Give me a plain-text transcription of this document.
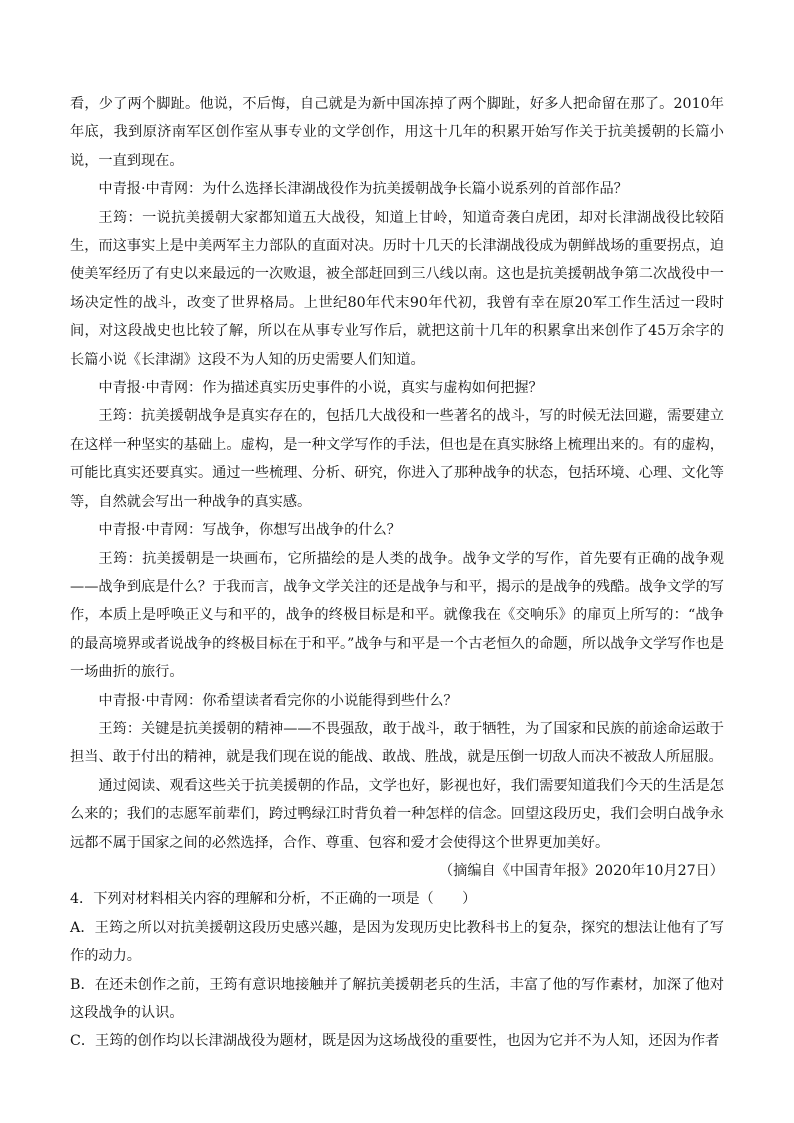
看，少了两个脚趾。他说，不后悔，自己就是为新中国冻掉了两个脚趾，好多人把命留在那了。2010年年底，我到原济南军区创作室从事专业的文学创作，用这十几年的积累开始写作关于抗美援朝的长篇小说，一直到现在。

中青报·中青网：为什么选择长津湖战役作为抗美援朝战争长篇小说系列的首部作品？

王筠：一说抗美援朝大家都知道五大战役，知道上甘岭，知道奇袭白虎团，却对长津湖战役比较陌生，而这事实上是中美两军主力部队的直面对决。历时十几天的长津湖战役成为朝鲜战场的重要拐点，迫使美军经历了有史以来最远的一次败退，被全部赶回到三八线以南。这也是抗美援朝战争第二次战役中一场决定性的战斗，改变了世界格局。上世纪80年代末90年代初，我曾有幸在原20军工作生活过一段时间，对这段战史也比较了解，所以在从事专业写作后，就把这前十几年的积累拿出来创作了45万余字的长篇小说《长津湖》这段不为人知的历史需要人们知道。

中青报·中青网：作为描述真实历史事件的小说，真实与虚构如何把握？

王筠：抗美援朝战争是真实存在的，包括几大战役和一些著名的战斗，写的时候无法回避，需要建立在这样一种坚实的基础上。虚构，是一种文学写作的手法，但也是在真实脉络上梳理出来的。有的虚构，可能比真实还要真实。通过一些梳理、分析、研究，你进入了那种战争的状态，包括环境、心理、文化等等，自然就会写出一种战争的真实感。

中青报·中青网：写战争，你想写出战争的什么？

王筠：抗美援朝是一块画布，它所描绘的是人类的战争。战争文学的写作，首先要有正确的战争观——战争到底是什么？于我而言，战争文学关注的还是战争与和平，揭示的是战争的残酷。战争文学的写作，本质上是呼唤正义与和平的，战争的终极目标是和平。就像我在《交响乐》的扉页上所写的：“战争的最高境界或者说战争的终极目标在于和平。”战争与和平是一个古老恒久的命题，所以战争文学写作也是一场曲折的旅行。

中青报·中青网：你希望读者看完你的小说能得到些什么？

王筠：关键是抗美援朝的精神——不畏强敌，敢于战斗，敢于牺牲，为了国家和民族的前途命运敢于担当、敢于付出的精神，就是我们现在说的能战、敢战、胜战，就是压倒一切敌人而决不被敌人所屈服。

通过阅读、观看这些关于抗美援朝的作品，文学也好，影视也好，我们需要知道我们今天的生活是怎么来的；我们的志愿军前辈们，跨过鸭绿江时背负着一种怎样的信念。回望这段历史，我们会明白战争永远都不属于国家之间的必然选择，合作、尊重、包容和爱才会使得这个世界更加美好。

（摘编自《中国青年报》2020年10月27日）

4．下列对材料相关内容的理解和分析，不正确的一项是（　　）

A．王筠之所以对抗美援朝这段历史感兴趣，是因为发现历史比教科书上的复杂，探究的想法让他有了写作的动力。

B．在还未创作之前，王筠有意识地接触并了解抗美援朝老兵的生活，丰富了他的写作素材，加深了他对这段战争的认识。

C．王筠的创作均以长津湖战役为题材，既是因为这场战役的重要性，也因为它并不为人知，还因为作者
